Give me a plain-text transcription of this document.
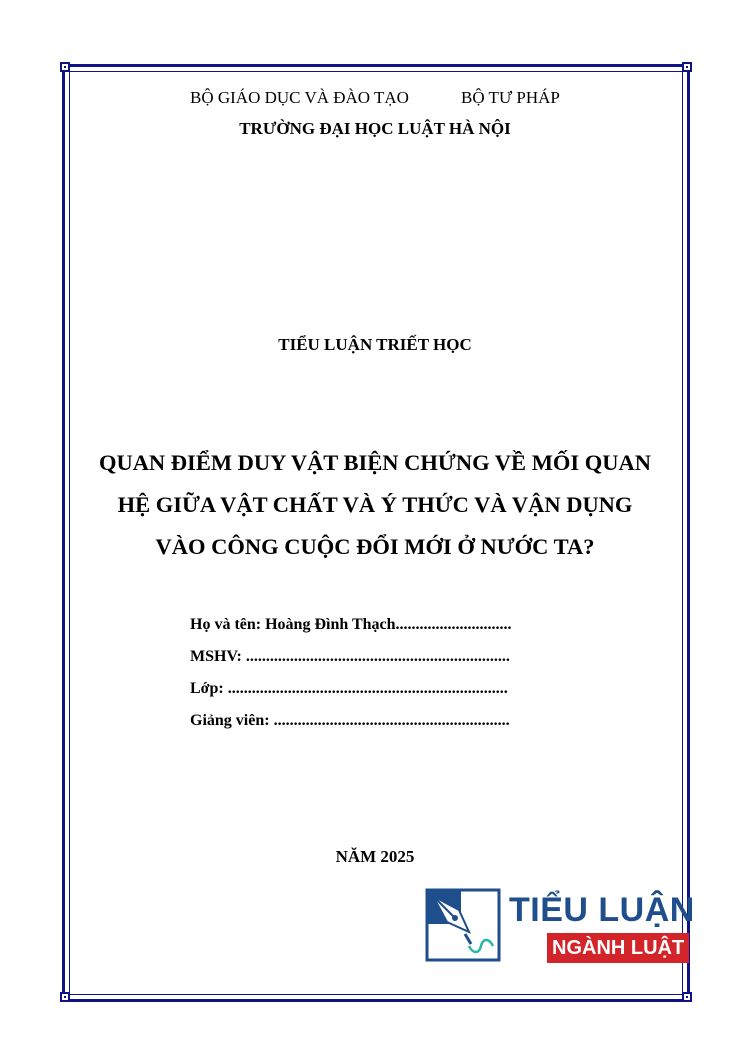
BỘ GIÁO DỤC VÀ ĐÀO TẠO	BỘ TƯ PHÁP
TRƯỜNG ĐẠI HỌC LUẬT HÀ NỘI
TIỂU LUẬN TRIẾT HỌC
QUAN ĐIỂM DUY VẬT BIỆN CHỨNG VỀ MỐI QUAN
HỆ GIỮA VẬT CHẤT VÀ Ý THỨC VÀ VẬN DỤNG
VÀO CÔNG CUỘC ĐỔI MỚI Ở NƯỚC TA?
Họ và tên: Hoàng Đình Thạch.............................
MSHV: ..................................................................
Lớp: ......................................................................
Giảng viên: ...........................................................
NĂM 2025
TIỂU LUẬN
NGÀNH LUẬT
